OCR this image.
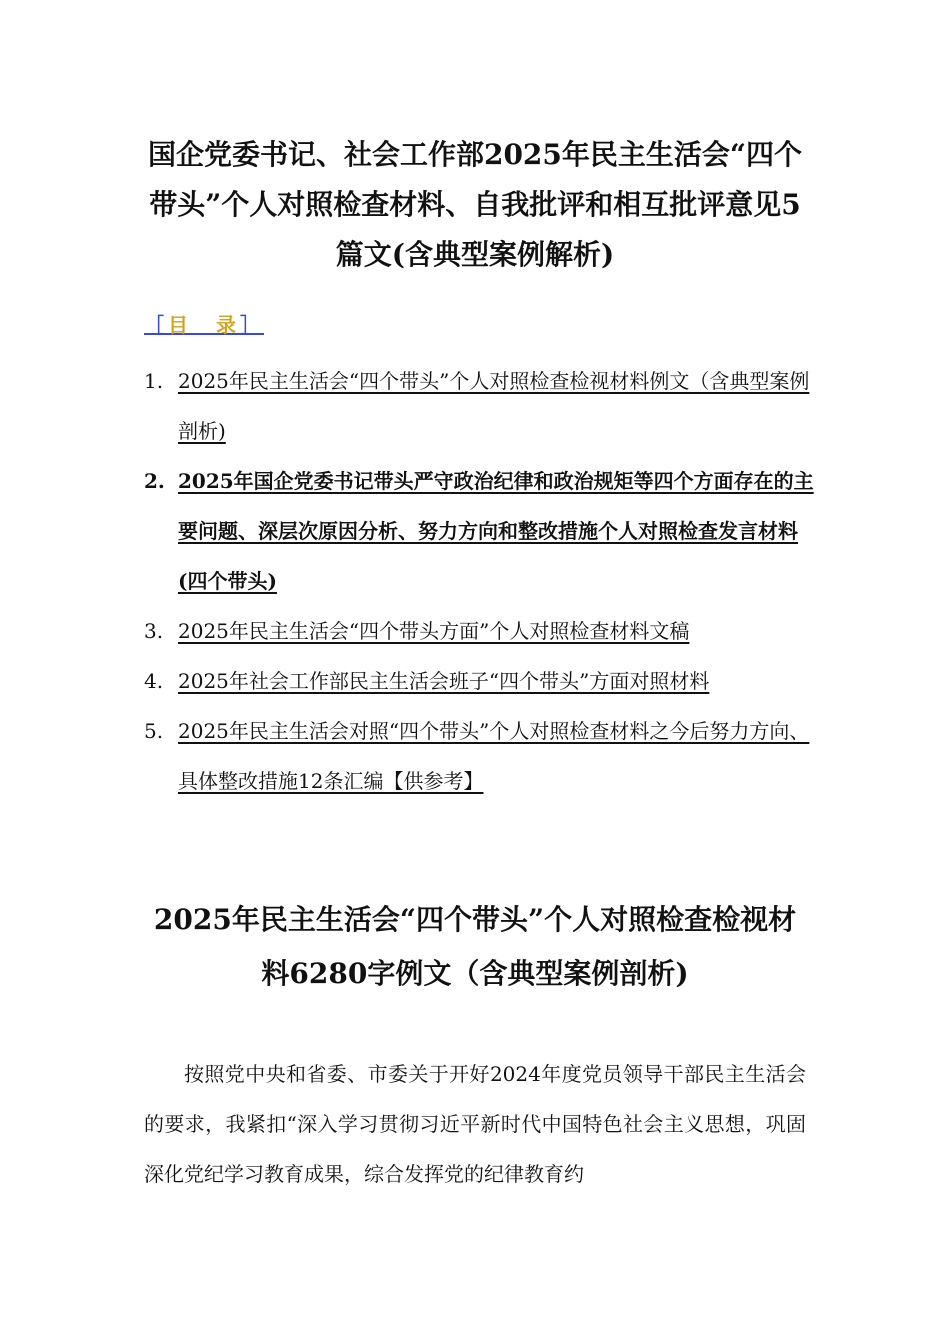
国企党委书记、社会工作部2025年民主生活会“四个带头”个人对照检查材料、自我批评和相互批评意见5篇文(含典型案例解析)
［目　录］
1. 2025年民主生活会“四个带头”个人对照检查检视材料例文（含典型案例剖析)
2. 2025年国企党委书记带头严守政治纪律和政治规矩等四个方面存在的主要问题、深层次原因分析、努力方向和整改措施个人对照检查发言材料(四个带头)
3. 2025年民主生活会“四个带头方面”个人对照检查材料文稿
4. 2025年社会工作部民主生活会班子“四个带头”方面对照材料
5. 2025年民主生活会对照“四个带头”个人对照检查材料之今后努力方向、具体整改措施12条汇编【供参考】
2025年民主生活会“四个带头”个人对照检查检视材料6280字例文（含典型案例剖析)
按照党中央和省委、市委关于开好2024年度党员领导干部民主生活会的要求，我紧扣“深入学习贯彻习近平新时代中国特色社会主义思想，巩固深化党纪学习教育成果，综合发挥党的纪律教育约
